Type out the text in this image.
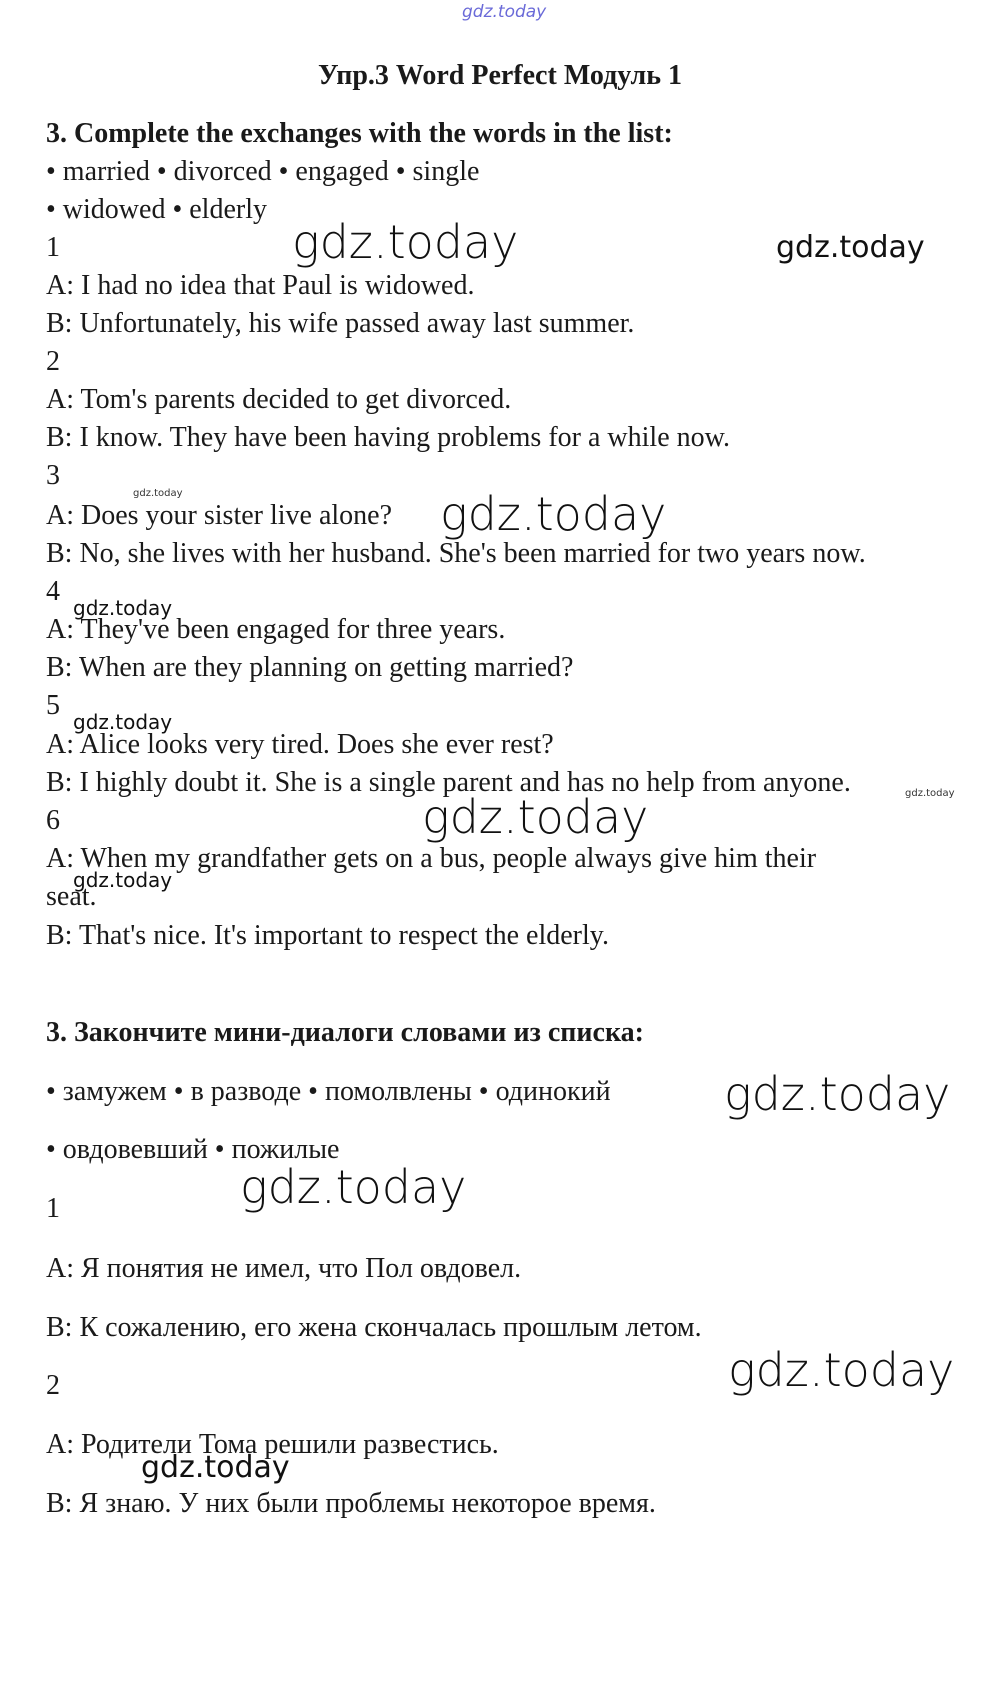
gdz.today
Упр.3 Word Perfect Модуль 1
3. Complete the exchanges with the words in the list:
• married • divorced • engaged • single
• widowed • elderly
1
A: I had no idea that Paul is widowed.
B: Unfortunately, his wife passed away last summer.
2
A: Tom's parents decided to get divorced.
B: I know. They have been having problems for a while now.
3
A: Does your sister live alone?
B: No, she lives with her husband. She's been married for two years now.
4
A: They've been engaged for three years.
B: When are they planning on getting married?
5
A: Alice looks very tired. Does she ever rest?
B: I highly doubt it. She is a single parent and has no help from anyone.
6
A: When my grandfather gets on a bus, people always give him their
seat.
B: That's nice. It's important to respect the elderly.
3. Закончите мини-диалоги словами из списка:
• замужем • в разводе • помолвлены • одинокий
• овдовевший • пожилые
1
А: Я понятия не имел, что Пол овдовел.
В: К сожалению, его жена скончалась прошлым летом.
2
А: Родители Тома решили развестись.
В: Я знаю. У них были проблемы некоторое время.
gdz.today	gdz.today
gdz.today	gdz.today
gdz.today
gdz.today
gdz.today
gdz.today
gdz.today
gdz.today
gdz.today
gdz.today
gdz.today
